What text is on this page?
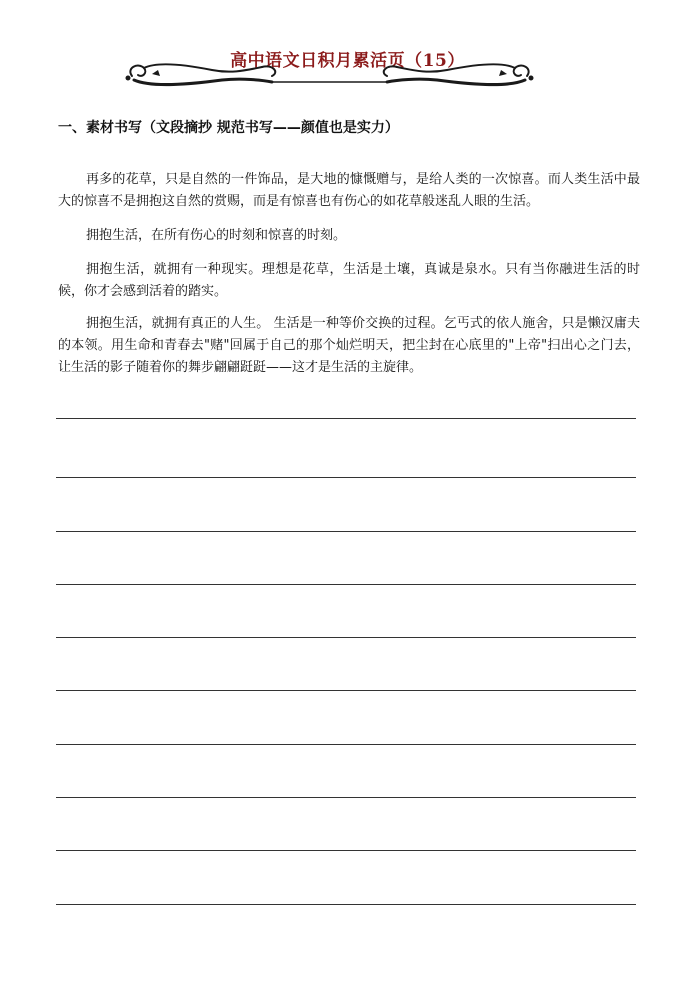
高中语文日积月累活页（15）
一、素材书写（文段摘抄 规范书写——颜值也是实力）

再多的花草，只是自然的一件饰品，是大地的慷慨赠与，是给人类的一次惊喜。而人类生活中最大的惊喜不是拥抱这自然的赏赐，而是有惊喜也有伤心的如花草般迷乱人眼的生活。

拥抱生活，在所有伤心的时刻和惊喜的时刻。

拥抱生活，就拥有一种现实。理想是花草，生活是土壤，真诚是泉水。只有当你融进生活的时候，你才会感到活着的踏实。

拥抱生活，就拥有真正的人生。 生活是一种等价交换的过程。乞丐式的依人施舍，只是懒汉庸夫的本领。用生命和青春去"赌"回属于自己的那个灿烂明天，把尘封在心底里的"上帝"扫出心之门去，让生活的影子随着你的舞步翩翩跹跹——这才是生活的主旋律。
